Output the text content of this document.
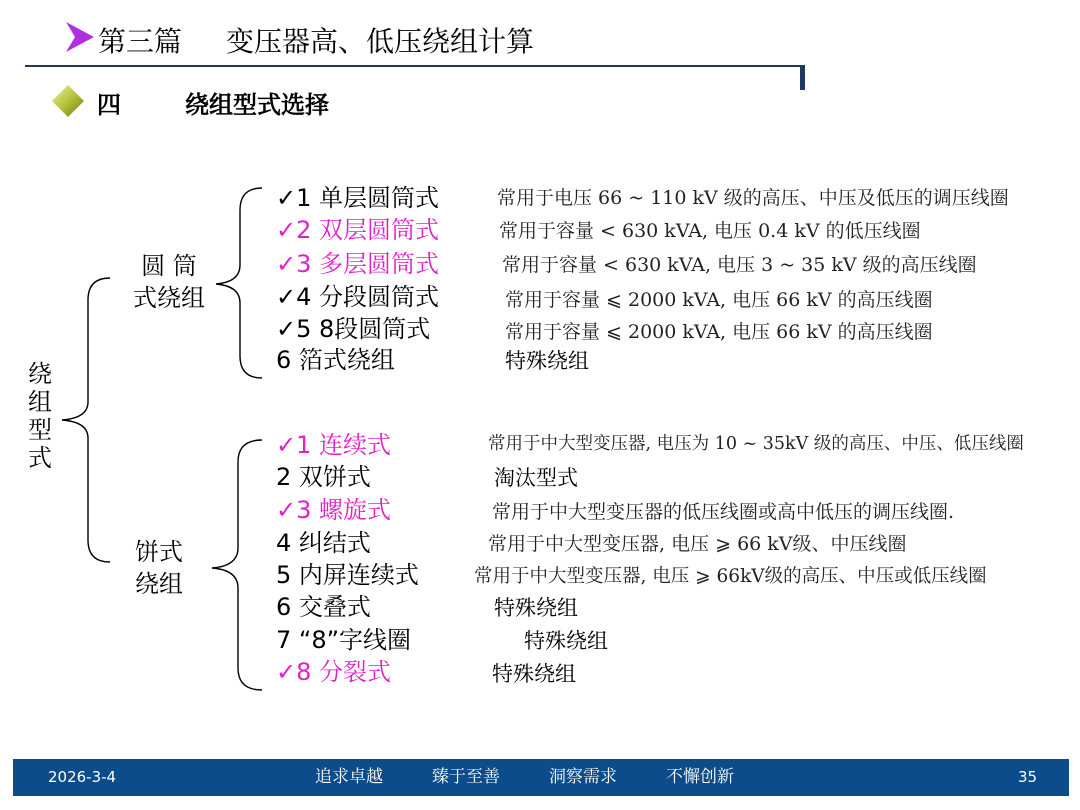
第三篇 变压器高、低压绕组计算
四	绕组型式选择
绕组型式
圆 筒
式绕组
饼式
绕组
✓1 单层圆筒式	常用于电压 66 ~ 110 kV 级的高压、中压及低压的调压线圈
✓2 双层圆筒式	常用于容量 < 630 kVA, 电压 0.4 kV 的低压线圈
✓3 多层圆筒式	常用于容量 < 630 kVA, 电压 3 ~ 35 kV 级的高压线圈
✓4 分段圆筒式	常用于容量 ⩽ 2000 kVA, 电压 66 kV 的高压线圈
✓5 8段圆筒式	常用于容量 ⩽ 2000 kVA, 电压 66 kV 的高压线圈
6 箔式绕组	特殊绕组
✓1 连续式	常用于中大型变压器, 电压为 10 ~ 35kV 级的高压、中压、低压线圈
2 双饼式	淘汰型式
✓3 螺旋式	常用于中大型变压器的低压线圈或高中低压的调压线圈.
4 纠结式	常用于中大型变压器, 电压 ⩾ 66 kV级、中压线圈
5 内屏连续式	常用于中大型变压器, 电压 ⩾ 66kV级的高压、中压或低压线圈
6 交叠式	特殊绕组
7 “8”字线圈	特殊绕组
✓8 分裂式	特殊绕组
2026-3-4	追求卓越	臻于至善	洞察需求	不懈创新	35
